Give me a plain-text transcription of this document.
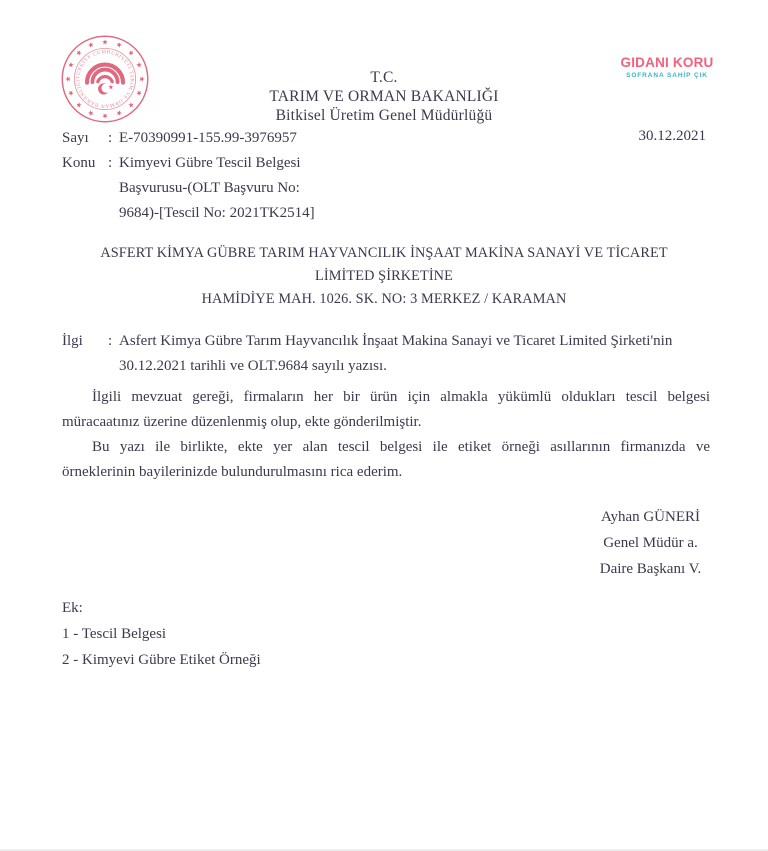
TÜRKİYE CUMHURİYETİ TARIM VE ORMAN BAKANLIĞI	T.C.
TARIM VE ORMAN BAKANLIĞI
Bitkisel Üretim Genel Müdürlüğü
GIDANI KORU
SOFRANA SAHİP ÇIK
30.12.2021
Sayı	: E-70390991-155.99-3976957
Konu : Kimyevi Gübre Tescil Belgesi
Başvurusu-(OLT Başvuru No:
9684)-[Tescil No: 2021TK2514]
ASFERT KİMYA GÜBRE TARIM HAYVANCILIK İNŞAAT MAKİNA SANAYİ VE TİCARET
LİMİTED ŞİRKETİNE
HAMİDİYE MAH. 1026. SK. NO: 3 MERKEZ / KARAMAN
İlgi	: Asfert Kimya Gübre Tarım Hayvancılık İnşaat Makina Sanayi ve Ticaret Limited Şirketi'nin
30.12.2021 tarihli ve OLT.9684 sayılı yazısı.
İlgili mevzuat gereği, firmaların her bir ürün için almakla yükümlü oldukları tescil belgesi
müracaatınız üzerine düzenlenmiş olup, ekte gönderilmiştir.
Bu yazı ile birlikte, ekte yer alan tescil belgesi ile etiket örneği asıllarının firmanızda ve
örneklerinin bayilerinizde bulundurulmasını rica ederim.
Ayhan GÜNERİ
Genel Müdür a.
Daire Başkanı V.
Ek:
1 - Tescil Belgesi
2 - Kimyevi Gübre Etiket Örneği
